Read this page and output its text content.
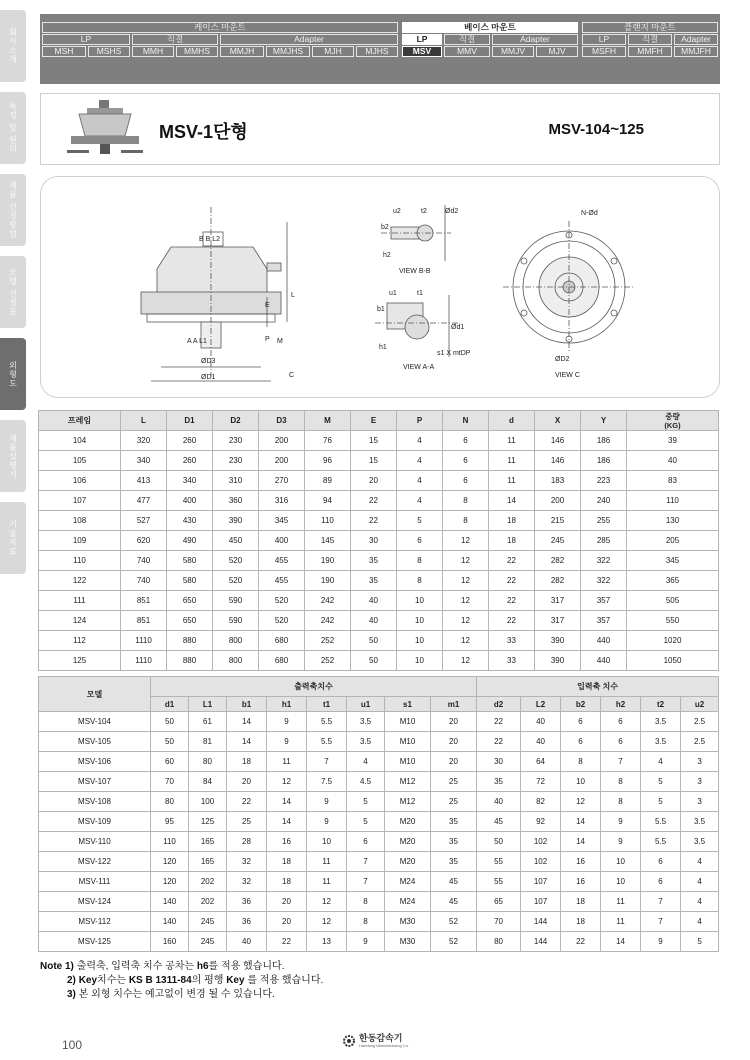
회사소개
특징 및 원리
제품 선정방법
모델 선정표
외형도
제품설명서
기술자료
케이스 마운트	베이스 마운트	플랜지 마운트
LP	직결	Adapter	LP	직결	Adapter	LP	직결	Adapter
MSH	MSHS	MMH	MMHS	MMJH	MMJHS	MJH	MJHS	MSV	MMV	MMJV	MJV	MSFH	MMFH	MMJFH
MSV-1단형	MSV-104~125
B B L2
A A L1
ØD3
ØD1
L
E
P M
C
u2	t2	Ød2
b2
h2
VIEW B-B
u1	t1
b1
h1
Ød1
s1 X mtDP
VIEW A-A
N-Ød
ØD2
VIEW C
프레임	L	D1	D2	D3	M	E	P	N	d	X	Y	중량
(KG)
104	320	260	230	200	76	15	4	6	11	146	186	39
105	340	260	230	200	96	15	4	6	11	146	186	40
106	413	340	310	270	89	20	4	6	11	183	223	83
107	477	400	360	316	94	22	4	8	14	200	240	110
108	527	430	390	345	110	22	5	8	18	215	255	130
109	620	490	450	400	145	30	6	12	18	245	285	205
110	740	580	520	455	190	35	8	12	22	282	322	345
122	740	580	520	455	190	35	8	12	22	282	322	365
111	851	650	590	520	242	40	10	12	22	317	357	505
124	851	650	590	520	242	40	10	12	22	317	357	550
112	1110	880	800	680	252	50	10	12	33	390	440	1020
125	1110	880	800	680	252	50	10	12	33	390	440	1050
모델	출력축치수								입력축 치수					
	d1	L1	b1	h1	t1	u1	s1	m1	d2	L2	b2	h2	t2	u2
MSV-104	50	61	14	9	5.5	3.5	M10	20	22	40	6	6	3.5	2.5
MSV-105	50	81	14	9	5.5	3.5	M10	20	22	40	6	6	3.5	2.5
MSV-106	60	80	18	11	7	4	M10	20	30	64	8	7	4	3
MSV-107	70	84	20	12	7.5	4.5	M12	25	35	72	10	8	5	3
MSV-108	80	100	22	14	9	5	M12	25	40	82	12	8	5	3
MSV-109	95	125	25	14	9	5	M20	35	45	92	14	9	5.5	3.5
MSV-110	110	165	28	16	10	6	M20	35	50	102	14	9	5.5	3.5
MSV-122	120	165	32	18	11	7	M20	35	55	102	16	10	6	4
MSV-111	120	202	32	18	11	7	M24	45	55	107	16	10	6	4
MSV-124	140	202	36	20	12	8	M24	45	65	107	18	11	7	4
MSV-112	140	245	36	20	12	8	M30	52	70	144	18	11	7	4
MSV-125	160	245	40	22	13	9	M30	52	80	144	22	14	9	5
Note 1) 출력축, 입력축 치수 공차는 h6를 적용 했습니다.
2) Key치수는 KS B 1311-84의 평행 Key 를 적용 했습니다.
3) 본 외형 치수는 예고없이 변경 될 수 있습니다.
100	한동감속기
Handong Manufacturing Co.
